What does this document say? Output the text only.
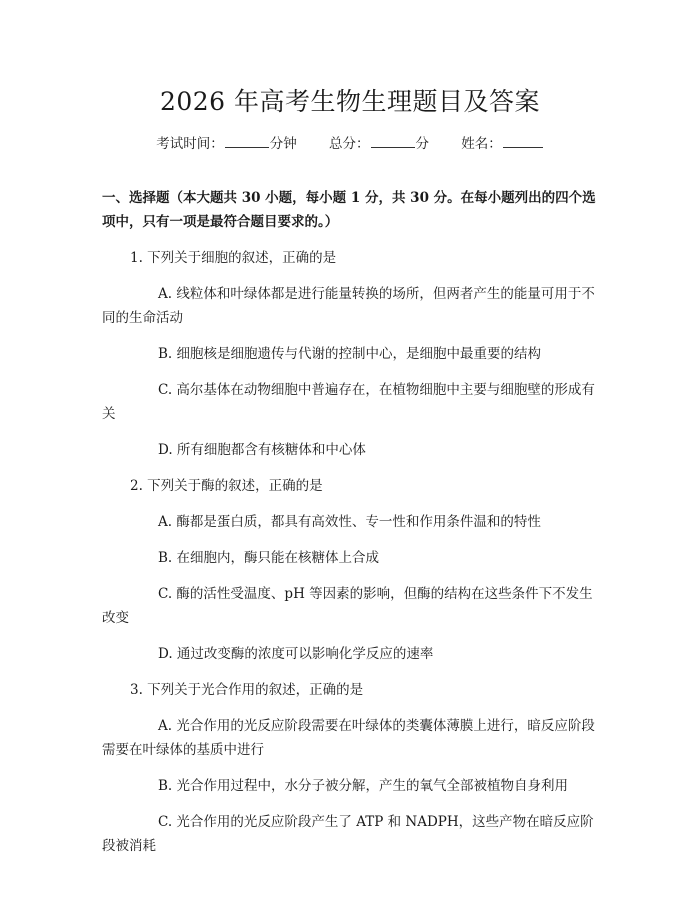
2026 年高考生物生理题目及答案
考试时间：	分钟 总分：	分 姓名：
一、选择题（本大题共 30 小题，每小题 1 分，共 30 分。在每小题列出的四个选项中，只有一项是最符合题目要求的。）
1. 下列关于细胞的叙述，正确的是
A. 线粒体和叶绿体都是进行能量转换的场所，但两者产生的能量可用于不同的生命活动
B. 细胞核是细胞遗传与代谢的控制中心，是细胞中最重要的结构
C. 高尔基体在动物细胞中普遍存在，在植物细胞中主要与细胞壁的形成有关
D. 所有细胞都含有核糖体和中心体
2. 下列关于酶的叙述，正确的是
A. 酶都是蛋白质，都具有高效性、专一性和作用条件温和的特性
B. 在细胞内，酶只能在核糖体上合成
C. 酶的活性受温度、pH 等因素的影响，但酶的结构在这些条件下不发生改变
D. 通过改变酶的浓度可以影响化学反应的速率
3. 下列关于光合作用的叙述，正确的是
A. 光合作用的光反应阶段需要在叶绿体的类囊体薄膜上进行，暗反应阶段需要在叶绿体的基质中进行
B. 光合作用过程中，水分子被分解，产生的氧气全部被植物自身利用
C. 光合作用的光反应阶段产生了 ATP 和 NADPH，这些产物在暗反应阶段被消耗
